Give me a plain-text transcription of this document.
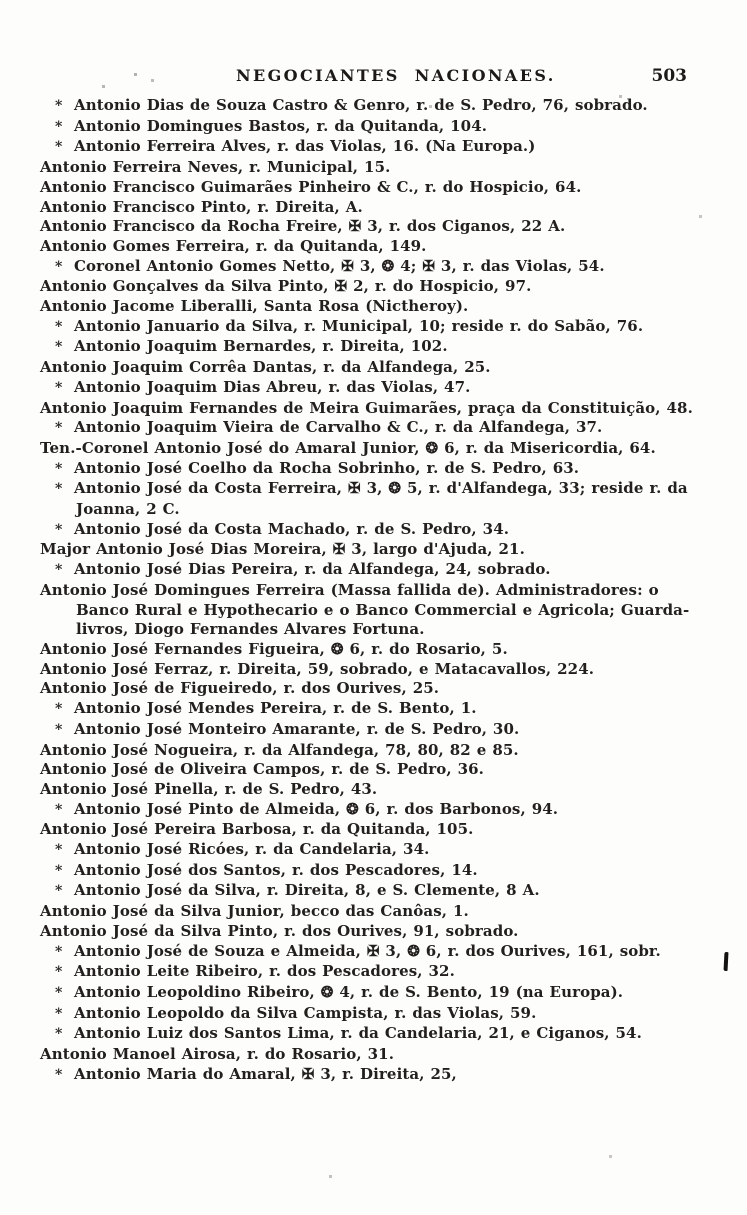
NEGOCIANTES NACIONAES.	503
* Antonio Dias de Souza Castro & Genro, r. de S. Pedro, 76, sobrado.
* Antonio Domingues Bastos, r. da Quitanda, 104.
* Antonio Ferreira Alves, r. das Violas, 16. (Na Europa.)
Antonio Ferreira Neves, r. Municipal, 15.
Antonio Francisco Guimarães Pinheiro & C., r. do Hospicio, 64.
Antonio Francisco Pinto, r. Direita, A.
Antonio Francisco da Rocha Freire, ✠ 3, r. dos Ciganos, 22 A.
Antonio Gomes Ferreira, r. da Quitanda, 149.
* Coronel Antonio Gomes Netto, ✠ 3, ❂ 4; ✠ 3, r. das Violas, 54.
Antonio Gonçalves da Silva Pinto, ✠ 2, r. do Hospicio, 97.
Antonio Jacome Liberalli, Santa Rosa (Nictheroy).
* Antonio Januario da Silva, r. Municipal, 10; reside r. do Sabão, 76.
* Antonio Joaquim Bernardes, r. Direita, 102.
Antonio Joaquim Corrêa Dantas, r. da Alfandega, 25.
* Antonio Joaquim Dias Abreu, r. das Violas, 47.
Antonio Joaquim Fernandes de Meira Guimarães, praça da Constituição, 48.
* Antonio Joaquim Vieira de Carvalho & C., r. da Alfandega, 37.
Ten.-Coronel Antonio José do Amaral Junior, ❂ 6, r. da Misericordia, 64.
* Antonio José Coelho da Rocha Sobrinho, r. de S. Pedro, 63.
* Antonio José da Costa Ferreira, ✠ 3, ❂ 5, r. d'Alfandega, 33; reside r. da Joanna, 2 C.
* Antonio José da Costa Machado, r. de S. Pedro, 34.
Major Antonio José Dias Moreira, ✠ 3, largo d'Ajuda, 21.
* Antonio José Dias Pereira, r. da Alfandega, 24, sobrado.
Antonio José Domingues Ferreira (Massa fallida de). Administradores: o Banco Rural e Hypothecario e o Banco Commercial e Agricola; Guarda-livros, Diogo Fernandes Alvares Fortuna.
Antonio José Fernandes Figueira, ❂ 6, r. do Rosario, 5.
Antonio José Ferraz, r. Direita, 59, sobrado, e Matacavallos, 224.
Antonio José de Figueiredo, r. dos Ourives, 25.
* Antonio José Mendes Pereira, r. de S. Bento, 1.
* Antonio José Monteiro Amarante, r. de S. Pedro, 30.
Antonio José Nogueira, r. da Alfandega, 78, 80, 82 e 85.
Antonio José de Oliveira Campos, r. de S. Pedro, 36.
Antonio José Pinella, r. de S. Pedro, 43.
* Antonio José Pinto de Almeida, ❂ 6, r. dos Barbonos, 94.
Antonio José Pereira Barbosa, r. da Quitanda, 105.
* Antonio José Ricóes, r. da Candelaria, 34.
* Antonio José dos Santos, r. dos Pescadores, 14.
* Antonio José da Silva, r. Direita, 8, e S. Clemente, 8 A.
Antonio José da Silva Junior, becco das Canôas, 1.
Antonio José da Silva Pinto, r. dos Ourives, 91, sobrado.
* Antonio José de Souza e Almeida, ✠ 3, ❂ 6, r. dos Ourives, 161, sobr.
* Antonio Leite Ribeiro, r. dos Pescadores, 32.
* Antonio Leopoldino Ribeiro, ❂ 4, r. de S. Bento, 19 (na Europa).
* Antonio Leopoldo da Silva Campista, r. das Violas, 59.
* Antonio Luiz dos Santos Lima, r. da Candelaria, 21, e Ciganos, 54.
Antonio Manoel Airosa, r. do Rosario, 31.
* Antonio Maria do Amaral, ✠ 3, r. Direita, 25,
